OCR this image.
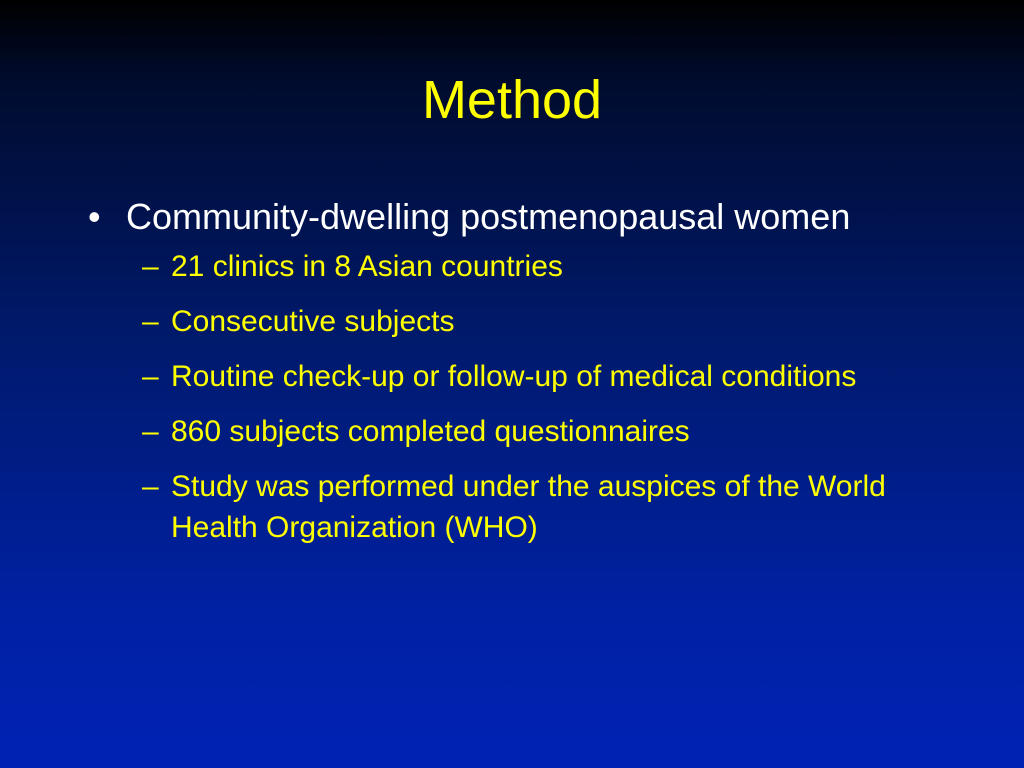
Method
• Community-dwelling postmenopausal women
– 21 clinics in 8 Asian countries
– Consecutive subjects
– Routine check-up or follow-up of medical conditions
– 860 subjects completed questionnaires
– Study was performed under the auspices of the World Health Organization (WHO)
